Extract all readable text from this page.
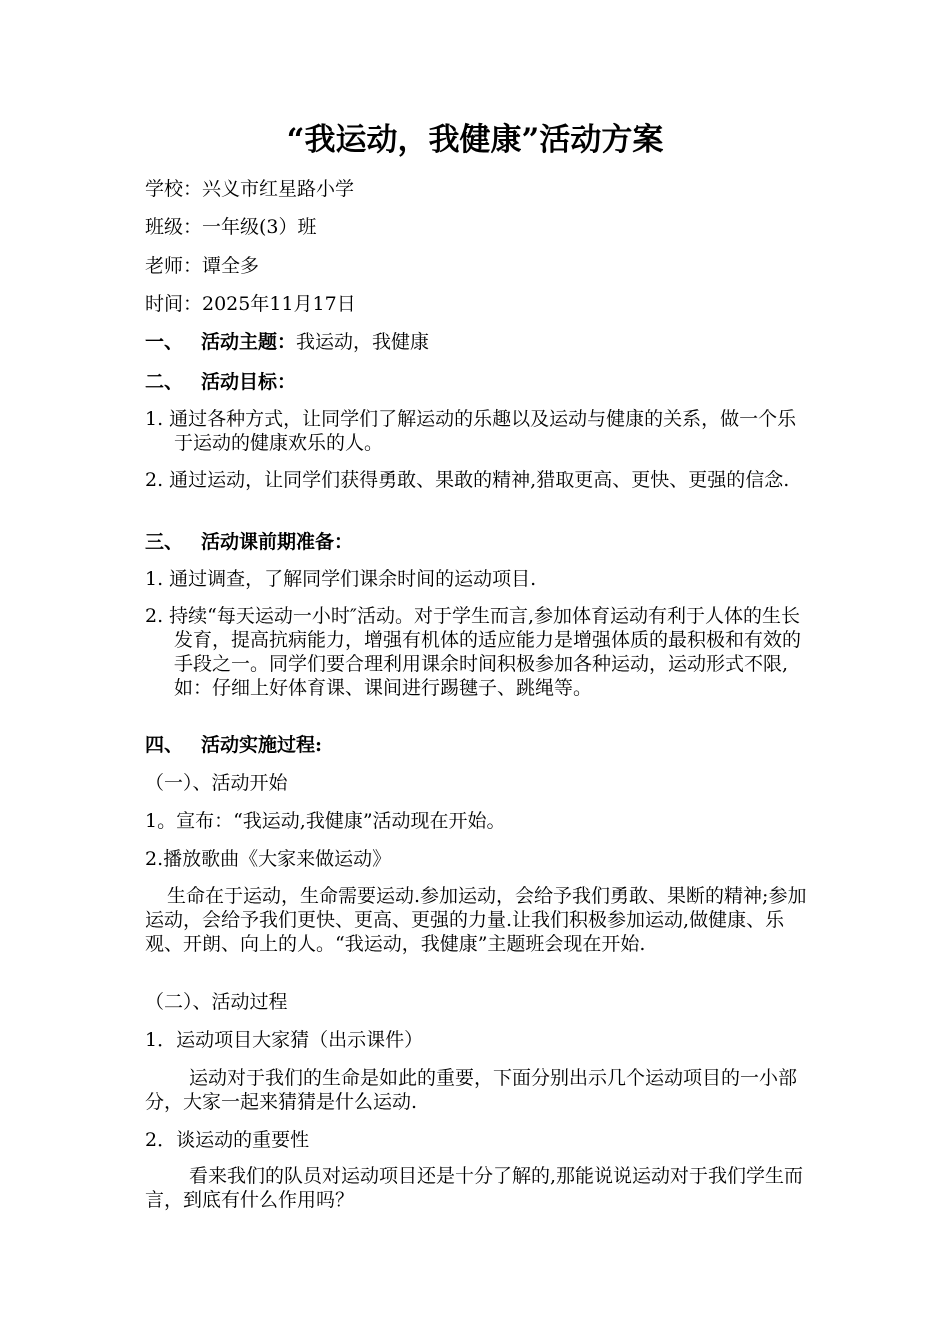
“我运动，我健康”活动方案
学校：兴义市红星路小学
班级：一年级(3）班
老师：谭全多
时间：2025年11月17日
一、 活动主题：我运动，我健康
二、 活动目标：
1. 通过各种方式，让同学们了解运动的乐趣以及运动与健康的关系，做一个乐于运动的健康欢乐的人。
2. 通过运动，让同学们获得勇敢、果敢的精神,猎取更高、更快、更强的信念.
三、 活动课前期准备：
1. 通过调查，了解同学们课余时间的运动项目.
2. 持续“每天运动一小时″活动。对于学生而言,参加体育运动有利于人体的生长发育，提高抗病能力，增强有机体的适应能力是增强体质的最积极和有效的手段之一。同学们要合理利用课余时间积极参加各种运动，运动形式不限,如：仔细上好体育课、课间进行踢毽子、跳绳等。
四、 活动实施过程:
（一）、活动开始
1。宣布：“我运动,我健康”活动现在开始。
2.播放歌曲《大家来做运动》
生命在于运动，生命需要运动.参加运动，会给予我们勇敢、果断的精神;参加运动，会给予我们更快、更高、更强的力量.让我们积极参加运动,做健康、乐观、开朗、向上的人。“我运动，我健康”主题班会现在开始.
（二）、活动过程
1．运动项目大家猜（出示课件）
运动对于我们的生命是如此的重要，下面分别出示几个运动项目的一小部分，大家一起来猜猜是什么运动.
2．谈运动的重要性
看来我们的队员对运动项目还是十分了解的,那能说说运动对于我们学生而言，到底有什么作用吗？
